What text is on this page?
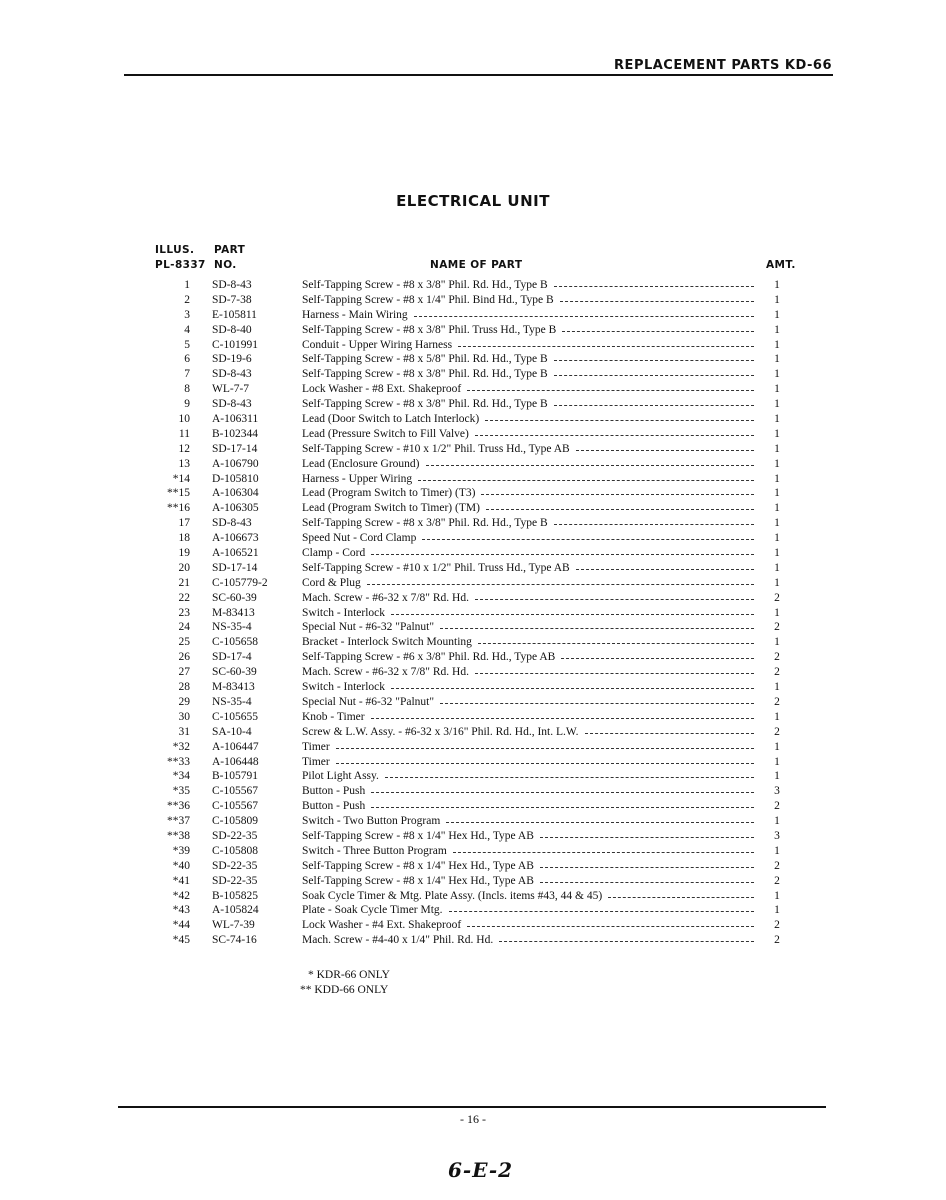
REPLACEMENT PARTS KD-66
ELECTRICAL UNIT
ILLUS.
PL-8337
PART
NO.	NAME OF PART	AMT.
1 SD-8-43	Self-Tapping Screw - #8 x 3/8" Phil. Rd. Hd., Type B	1
2 SD-7-38	Self-Tapping Screw - #8 x 1/4" Phil. Bind Hd., Type B	1
3 E-105811	Harness - Main Wiring	1
4 SD-8-40	Self-Tapping Screw - #8 x 3/8" Phil. Truss Hd., Type B	1
5 C-101991	Conduit - Upper Wiring Harness	1
6 SD-19-6	Self-Tapping Screw - #8 x 5/8" Phil. Rd. Hd., Type B	1
7 SD-8-43	Self-Tapping Screw - #8 x 3/8" Phil. Rd. Hd., Type B	1
8 WL-7-7	Lock Washer - #8 Ext. Shakeproof	1
9 SD-8-43	Self-Tapping Screw - #8 x 3/8" Phil. Rd. Hd., Type B	1
10 A-106311	Lead (Door Switch to Latch Interlock)	1
11 B-102344	Lead (Pressure Switch to Fill Valve)	1
12 SD-17-14	Self-Tapping Screw - #10 x 1/2" Phil. Truss Hd., Type AB	1
13 A-106790	Lead (Enclosure Ground)	1
*14 D-105810	Harness - Upper Wiring	1
**15 A-106304	Lead (Program Switch to Timer) (T3)	1
**16 A-106305	Lead (Program Switch to Timer) (TM)	1
17 SD-8-43	Self-Tapping Screw - #8 x 3/8" Phil. Rd. Hd., Type B	1
18 A-106673	Speed Nut - Cord Clamp	1
19 A-106521	Clamp - Cord	1
20 SD-17-14	Self-Tapping Screw - #10 x 1/2" Phil. Truss Hd., Type AB	1
21 C-105779-2	Cord & Plug	1
22 SC-60-39	Mach. Screw - #6-32 x 7/8" Rd. Hd.	2
23 M-83413	Switch - Interlock	1
24 NS-35-4	Special Nut - #6-32 "Palnut"	2
25 C-105658	Bracket - Interlock Switch Mounting	1
26 SD-17-4	Self-Tapping Screw - #6 x 3/8" Phil. Rd. Hd., Type AB	2
27 SC-60-39	Mach. Screw - #6-32 x 7/8" Rd. Hd.	2
28 M-83413	Switch - Interlock	1
29 NS-35-4	Special Nut - #6-32 "Palnut"	2
30 C-105655	Knob - Timer	1
31 SA-10-4	Screw & L.W. Assy. - #6-32 x 3/16" Phil. Rd. Hd., Int. L.W.	2
*32 A-106447	Timer	1
**33 A-106448	Timer	1
*34 B-105791	Pilot Light Assy.	1
*35 C-105567	Button - Push	3
**36 C-105567	Button - Push	2
**37 C-105809	Switch - Two Button Program	1
**38 SD-22-35	Self-Tapping Screw - #8 x 1/4" Hex Hd., Type AB	3
*39 C-105808	Switch - Three Button Program	1
*40 SD-22-35	Self-Tapping Screw - #8 x 1/4" Hex Hd., Type AB	2
*41 SD-22-35	Self-Tapping Screw - #8 x 1/4" Hex Hd., Type AB	2
*42 B-105825	Soak Cycle Timer & Mtg. Plate Assy. (Incls. items #43, 44 & 45)	1
*43 A-105824	Plate - Soak Cycle Timer Mtg.	1
*44 WL-7-39	Lock Washer - #4 Ext. Shakeproof	2
*45 SC-74-16	Mach. Screw - #4-40 x 1/4" Phil. Rd. Hd.	2
* KDR-66 ONLY
** KDD-66 ONLY
- 16 -
6-E-2
